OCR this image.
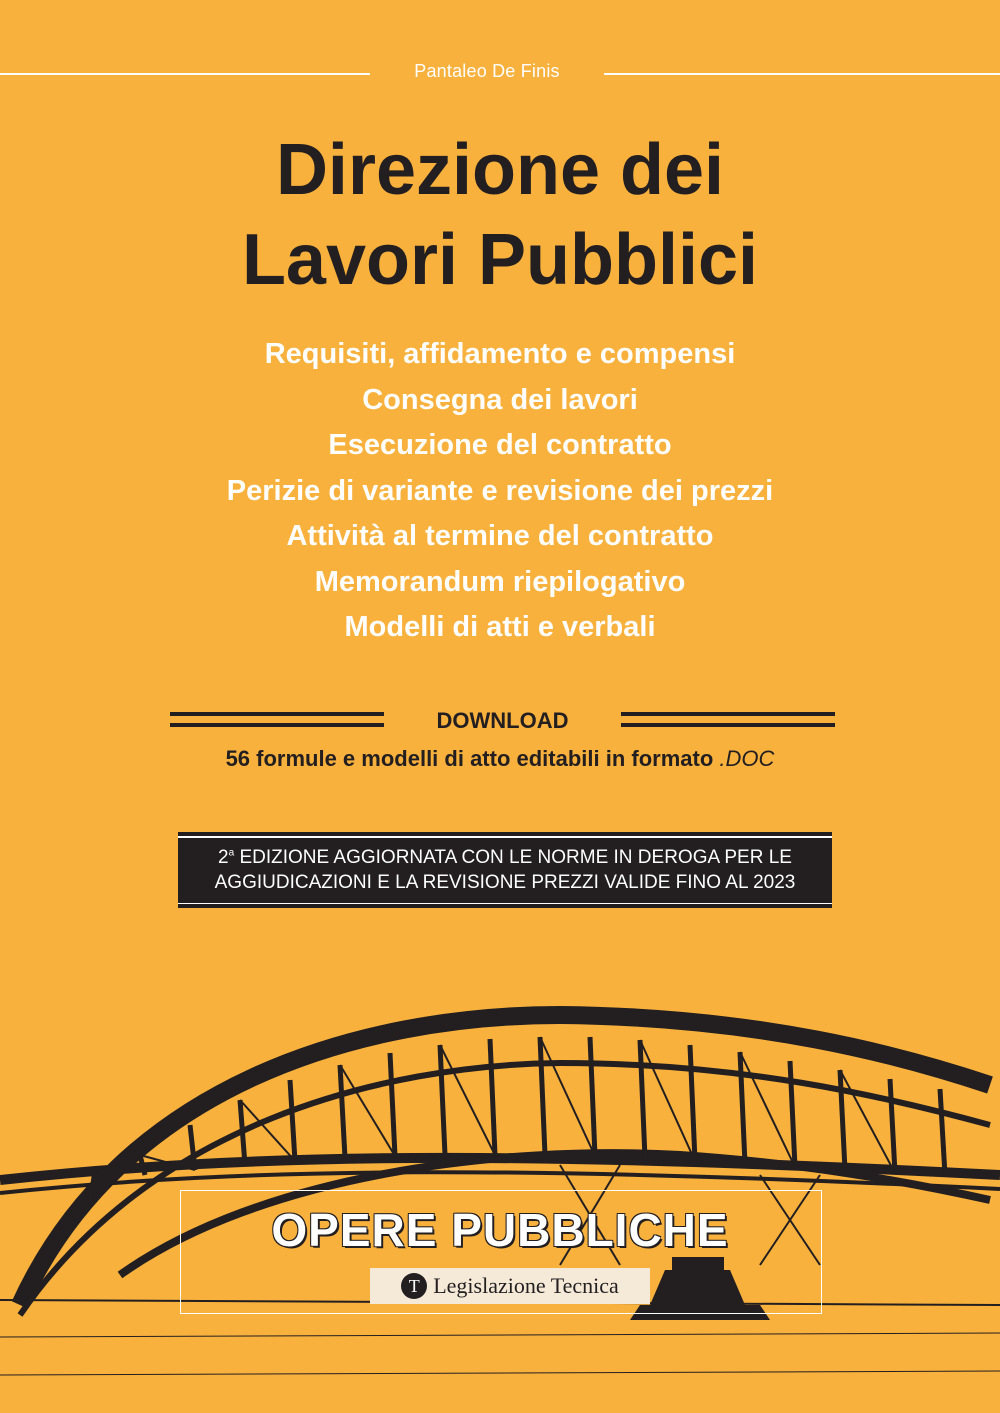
Pantaleo De Finis
Direzione dei
Lavori Pubblici
Requisiti, affidamento e compensi
Consegna dei lavori
Esecuzione del contratto
Perizie di variante e revisione dei prezzi
Attività al termine del contratto
Memorandum riepilogativo
Modelli di atti e verbali
DOWNLOAD
56 formule e modelli di atto editabili in formato .DOC
2$^a$ EDIZIONE AGGIORNATA CON LE NORME IN DEROGA PER LE
AGGIUDICAZIONI E LA REVISIONE PREZZI VALIDE FINO AL 2023
OPERE PUBBLICHE
T Legislazione Tecnica
